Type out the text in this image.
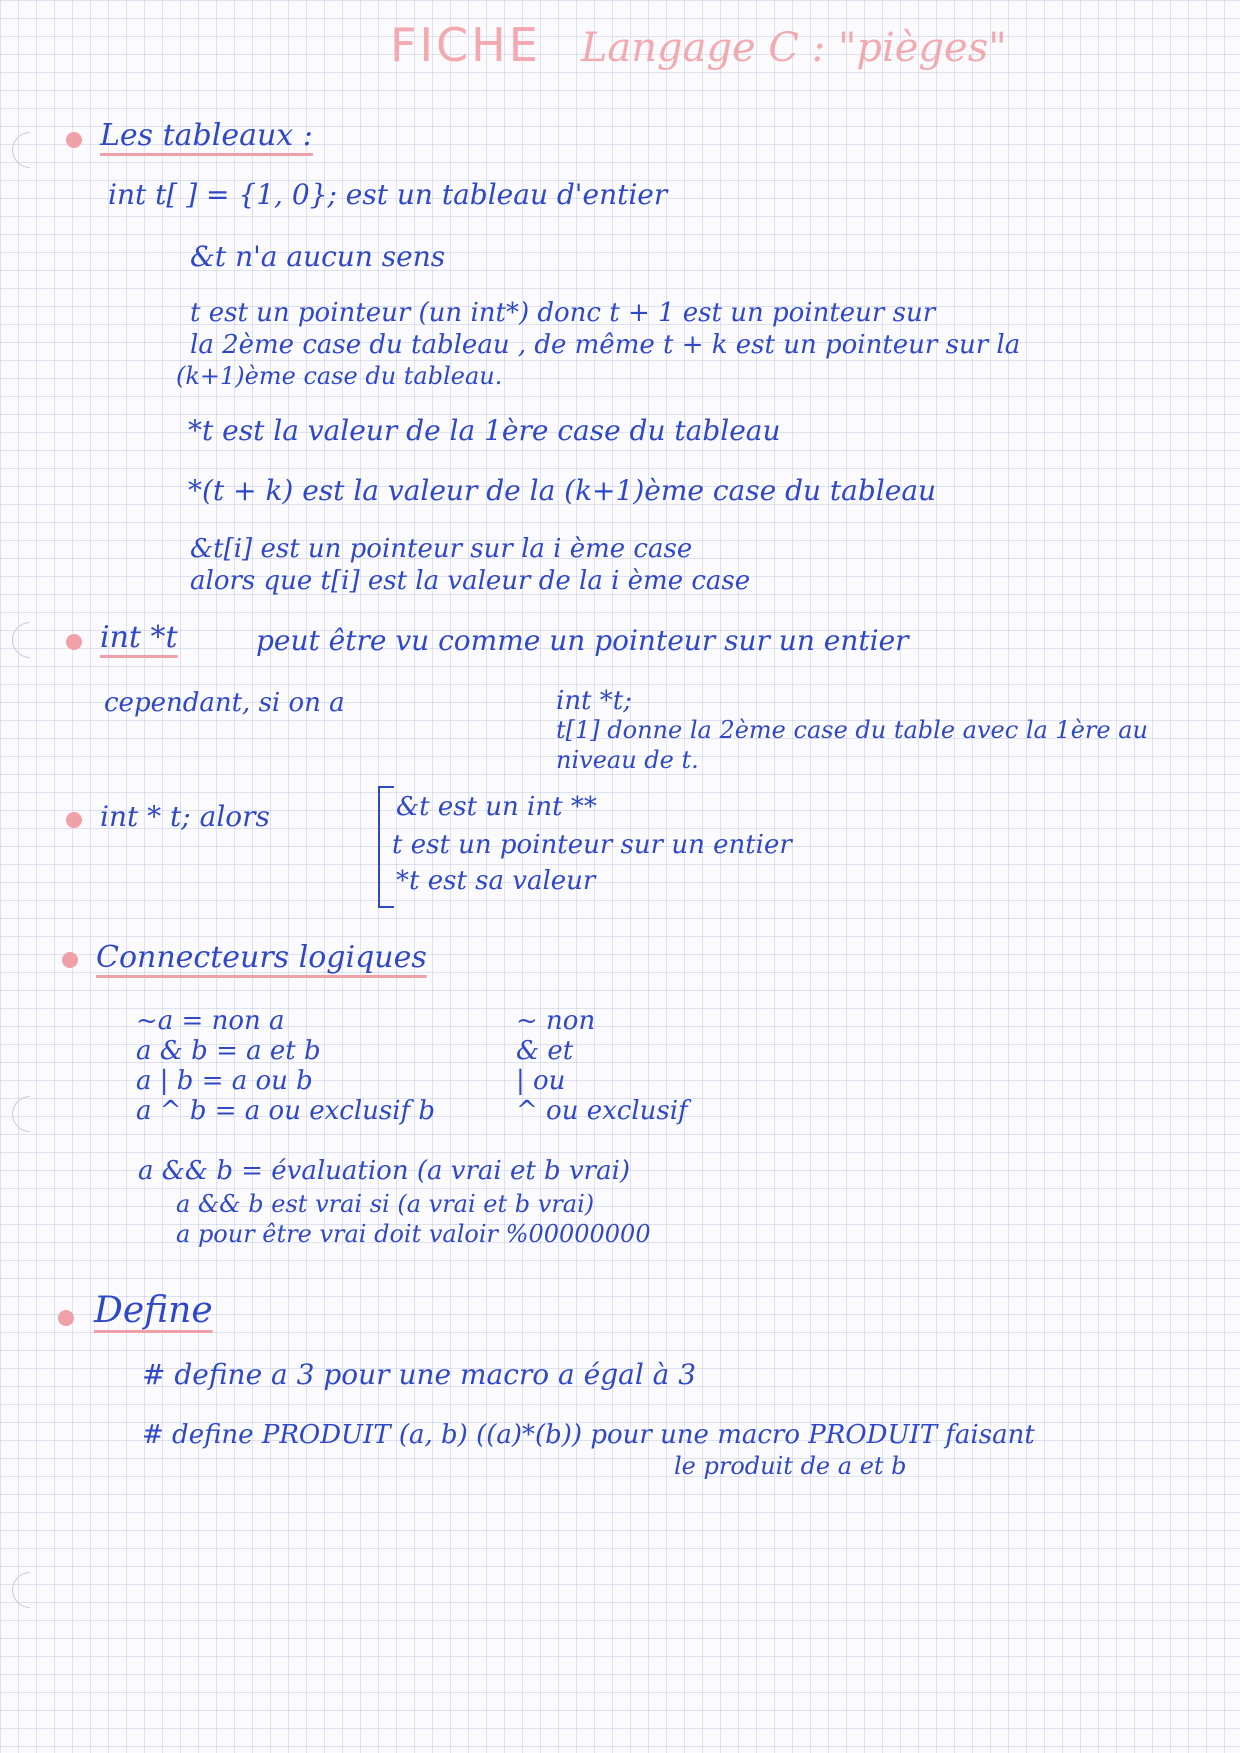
FICHE Langage C : "pièges"
Les tableaux :
int t[ ] = {1, 0}; est un tableau d'entier
&t n'a aucun sens
t est un pointeur (un int*) donc t + 1 est un pointeur sur
la 2ème case du tableau , de même t + k est un pointeur sur la
(k+1)ème case du tableau.
*t est la valeur de la 1ère case du tableau
*(t + k) est la valeur de la (k+1)ème case du tableau
&t[i] est un pointeur sur la i ème case
alors que t[i] est la valeur de la i ème case
int *t	peut être vu comme un pointeur sur un entier
cependant, si on a	int *t;
t[1] donne la 2ème case du table avec la 1ère au
niveau de t.
int * t; alors	&t est un int **
t est un pointeur sur un entier
*t est sa valeur
Connecteurs logiques
~a = non a	~ non
a & b = a et b	& et
a | b = a ou b	| ou
a ^ b = a ou exclusif b	^ ou exclusif
a && b = évaluation (a vrai et b vrai)
a && b est vrai si (a vrai et b vrai)
a pour être vrai doit valoir %00000000
Define
# define a 3 pour une macro a égal à 3
# define PRODUIT (a, b) ((a)*(b)) pour une macro PRODUIT faisant
le produit de a et b
